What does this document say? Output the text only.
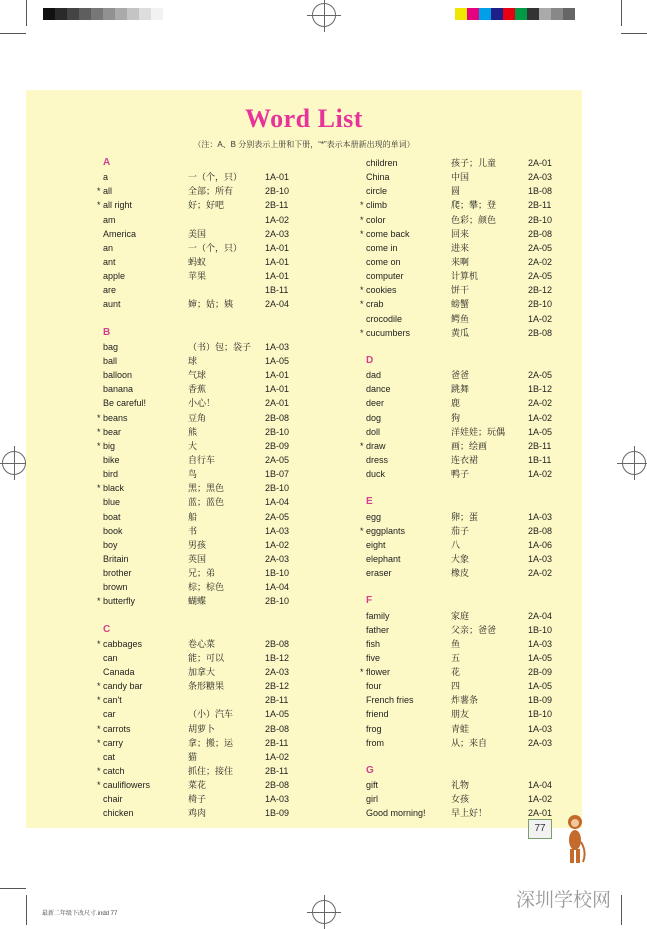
Word List
（注：A、B 分别表示上册和下册，“*”表示本册新出现的单词）
A
a	一（个，只）	1A-01
* all	全部；所有	2B-10
* all right	好；好吧	2B-11
am	1A-02
America	美国	2A-03
an	一（个，只）	1A-01
ant	蚂蚁	1A-01
apple	苹果	1A-01
are	1B-11
aunt	婶；姑；姨	2A-04
B
bag	（书）包；袋子 1A-03
ball	球	1A-05
balloon	气球	1A-01
banana	香蕉	1A-01
Be careful!	小心！	2A-01
* beans	豆角	2B-08
* bear	熊	2B-10
* big	大	2B-09
bike	自行车	2A-05
bird	鸟	1B-07
* black	黑；黑色	2B-10
blue	蓝；蓝色	1A-04
boat	船	2A-05
book	书	1A-03
boy	男孩	1A-02
Britain	英国	2A-03
brother	兄；弟	1B-10
brown	棕；棕色	1A-04
* butterfly	蝴蝶	2B-10
C
* cabbages	卷心菜	2B-08
can	能；可以	1B-12
Canada	加拿大	2A-03
* candy bar	条形糖果	2B-12
* can't	2B-11
car	（小）汽车	1A-05
* carrots	胡萝卜	2B-08
* carry	拿；搬；运	2B-11
cat	猫	1A-02
* catch	抓住；接住	2B-11
* cauliflowers	菜花	2B-08
chair	椅子	1A-03
chicken	鸡肉	1B-09
children	孩子；儿童	2A-01
China	中国	2A-03
circle	圆	1B-08
* climb	爬；攀；登	2B-11
* color	色彩；颜色	2B-10
* come back	回来	2B-08
come in	进来	2A-05
come on	来啊	2A-02
computer	计算机	2A-05
* cookies	饼干	2B-12
* crab	螃蟹	2B-10
crocodile	鳄鱼	1A-02
* cucumbers	黄瓜	2B-08
D
dad	爸爸	2A-05
dance	跳舞	1B-12
deer	鹿	2A-02
dog	狗	1A-02
doll	洋娃娃；玩偶	1A-05
* draw	画；绘画	2B-11
dress	连衣裙	1B-11
duck	鸭子	1A-02
E
egg	卵；蛋	1A-03
* eggplants	茄子	2B-08
eight	八	1A-06
elephant	大象	1A-03
eraser	橡皮	2A-02
F
family	家庭	2A-04
father	父亲；爸爸	1B-10
fish	鱼	1A-03
five	五	1A-05
* flower	花	2B-09
four	四	1A-05
French fries	炸薯条	1B-09
friend	朋友	1B-10
frog	青蛙	1A-03
from	从；来自	2A-03
G
gift	礼物	1A-04
girl	女孩	1A-02
Good morning!	早上好！	2A-01
77
最新二年级下改尺寸.indd 77
深圳学校网
